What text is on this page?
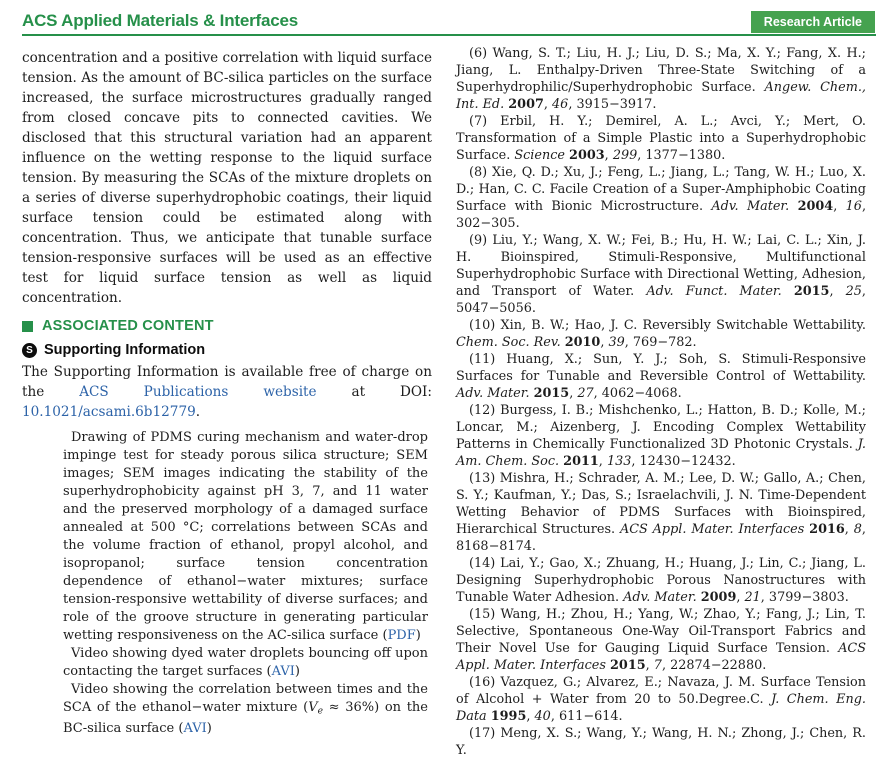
ACS Applied Materials & Interfaces	Research Article

concentration and a positive correlation with liquid surface tension. As the amount of BC-silica particles on the surface increased, the surface microstructures gradually ranged from closed concave pits to connected cavities. We disclosed that this structural variation had an apparent influence on the wetting response to the liquid surface tension. By measuring the SCAs of the mixture droplets on a series of diverse superhydrophobic coatings, their liquid surface tension could be estimated along with concentration. Thus, we anticipate that tunable surface tension-responsive surfaces will be used as an effective test for liquid surface tension as well as liquid concentration.

ASSOCIATED CONTENT
S Supporting Information

The Supporting Information is available free of charge on the ACS Publications website at DOI: 10.1021/acsami.6b12779.

Drawing of PDMS curing mechanism and water-drop impinge test for steady porous silica structure; SEM images; SEM images indicating the stability of the superhydrophobicity against pH 3, 7, and 11 water and the preserved morphology of a damaged surface annealed at 500 °C; correlations between SCAs and the volume fraction of ethanol, propyl alcohol, and isopropanol; surface tension concentration dependence of ethanol−water mixtures; surface tension-responsive wettability of diverse surfaces; and role of the groove structure in generating particular wetting responsiveness on the AC-silica surface (PDF)

Video showing dyed water droplets bouncing off upon contacting the target surfaces (AVI)

Video showing the correlation between times and the SCA of the ethanol−water mixture (Ve ≈ 36%) on the BC-silica surface (AVI)

(6) Wang, S. T.; Liu, H. J.; Liu, D. S.; Ma, X. Y.; Fang, X. H.; Jiang, L. Enthalpy-Driven Three-State Switching of a Superhydrophilic/Superhydrophobic Surface. Angew. Chem., Int. Ed. 2007, 46, 3915−3917.

(7) Erbil, H. Y.; Demirel, A. L.; Avci, Y.; Mert, O. Transformation of a Simple Plastic into a Superhydrophobic Surface. Science 2003, 299, 1377−1380.

(8) Xie, Q. D.; Xu, J.; Feng, L.; Jiang, L.; Tang, W. H.; Luo, X. D.; Han, C. C. Facile Creation of a Super-Amphiphobic Coating Surface with Bionic Microstructure. Adv. Mater. 2004, 16, 302−305.

(9) Liu, Y.; Wang, X. W.; Fei, B.; Hu, H. W.; Lai, C. L.; Xin, J. H. Bioinspired, Stimuli-Responsive, Multifunctional Superhydrophobic Surface with Directional Wetting, Adhesion, and Transport of Water. Adv. Funct. Mater. 2015, 25, 5047−5056.

(10) Xin, B. W.; Hao, J. C. Reversibly Switchable Wettability. Chem. Soc. Rev. 2010, 39, 769−782.

(11) Huang, X.; Sun, Y. J.; Soh, S. Stimuli-Responsive Surfaces for Tunable and Reversible Control of Wettability. Adv. Mater. 2015, 27, 4062−4068.

(12) Burgess, I. B.; Mishchenko, L.; Hatton, B. D.; Kolle, M.; Loncar, M.; Aizenberg, J. Encoding Complex Wettability Patterns in Chemically Functionalized 3D Photonic Crystals. J. Am. Chem. Soc. 2011, 133, 12430−12432.

(13) Mishra, H.; Schrader, A. M.; Lee, D. W.; Gallo, A.; Chen, S. Y.; Kaufman, Y.; Das, S.; Israelachvili, J. N. Time-Dependent Wetting Behavior of PDMS Surfaces with Bioinspired, Hierarchical Structures. ACS Appl. Mater. Interfaces 2016, 8, 8168−8174.

(14) Lai, Y.; Gao, X.; Zhuang, H.; Huang, J.; Lin, C.; Jiang, L. Designing Superhydrophobic Porous Nanostructures with Tunable Water Adhesion. Adv. Mater. 2009, 21, 3799−3803.

(15) Wang, H.; Zhou, H.; Yang, W.; Zhao, Y.; Fang, J.; Lin, T. Selective, Spontaneous One-Way Oil-Transport Fabrics and Their Novel Use for Gauging Liquid Surface Tension. ACS Appl. Mater. Interfaces 2015, 7, 22874−22880.

(16) Vazquez, G.; Alvarez, E.; Navaza, J. M. Surface Tension of Alcohol + Water from 20 to 50.Degree.C. J. Chem. Eng. Data 1995, 40, 611−614.

(17) Meng, X. S.; Wang, Y.; Wang, H. N.; Zhong, J.; Chen, R. Y.
